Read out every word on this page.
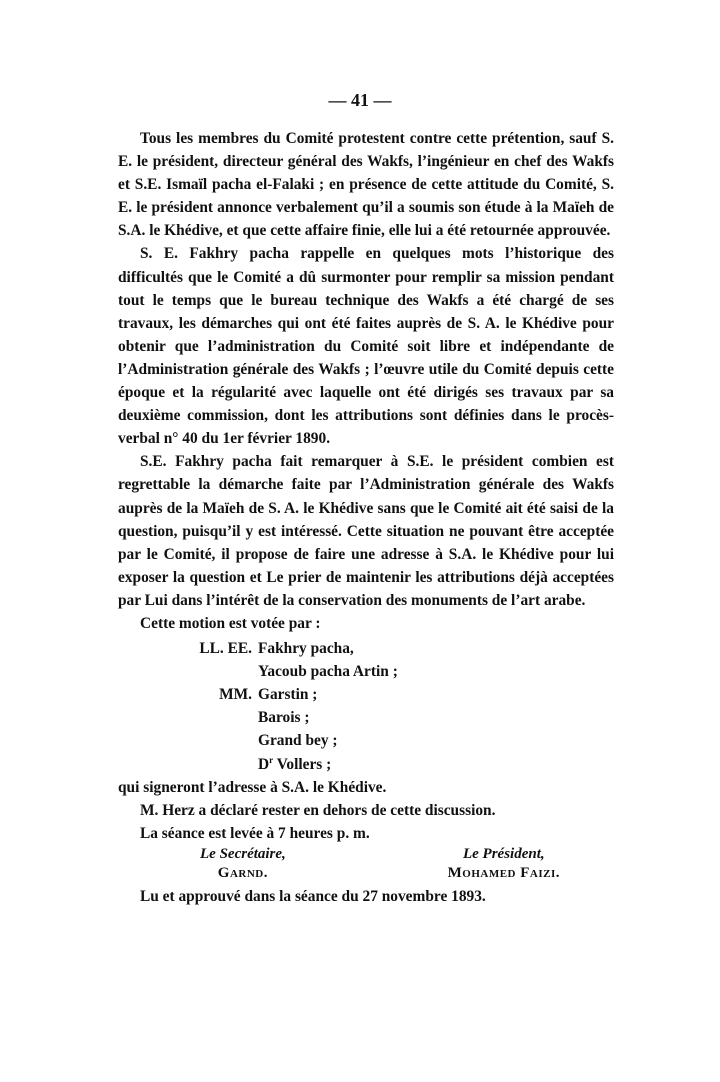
— 41 —

Tous les membres du Comité protestent contre cette prétention, sauf S. E. le président, directeur général des Wakfs, l’ingénieur en chef des Wakfs et S.E. Ismaïl pacha el-Falaki ; en présence de cette attitude du Comité, S. E. le président annonce verbalement qu’il a soumis son étude à la Maïeh de S.A. le Khédive, et que cette affaire finie, elle lui a été retournée approuvée.

S. E. Fakhry pacha rappelle en quelques mots l’historique des difficultés que le Comité a dû surmonter pour remplir sa mission pendant tout le temps que le bureau technique des Wakfs a été chargé de ses travaux, les démarches qui ont été faites auprès de S. A. le Khédive pour obtenir que l’administration du Comité soit libre et indépendante de l’Administration générale des Wakfs ; l’œuvre utile du Comité depuis cette époque et la régularité avec laquelle ont été dirigés ses travaux par sa deuxième commission, dont les attributions sont définies dans le procès-verbal n° 40 du 1er février 1890.

S.E. Fakhry pacha fait remarquer à S.E. le président combien est regrettable la démarche faite par l’Administration générale des Wakfs auprès de la Maïeh de S. A. le Khédive sans que le Comité ait été saisi de la question, puisqu’il y est intéressé. Cette situation ne pouvant être acceptée par le Comité, il propose de faire une adresse à S.A. le Khédive pour lui exposer la question et Le prier de maintenir les attributions déjà acceptées par Lui dans l’intérêt de la conservation des monuments de l’art arabe.

Cette motion est votée par :

LL. EE. Fakhry pacha,
Yacoub pacha Artin ;
MM. Garstin ;
Barois ;
Grand bey ;
$D^r$ Vollers ;

qui signeront l’adresse à S.A. le Khédive.

M. Herz a déclaré rester en dehors de cette discussion.

La séance est levée à 7 heures p. m.

Le Secrétaire,
Garnd.
Le Président,
Mohamed Faizi.
Lu et approuvé dans la séance du 27 novembre 1893.
